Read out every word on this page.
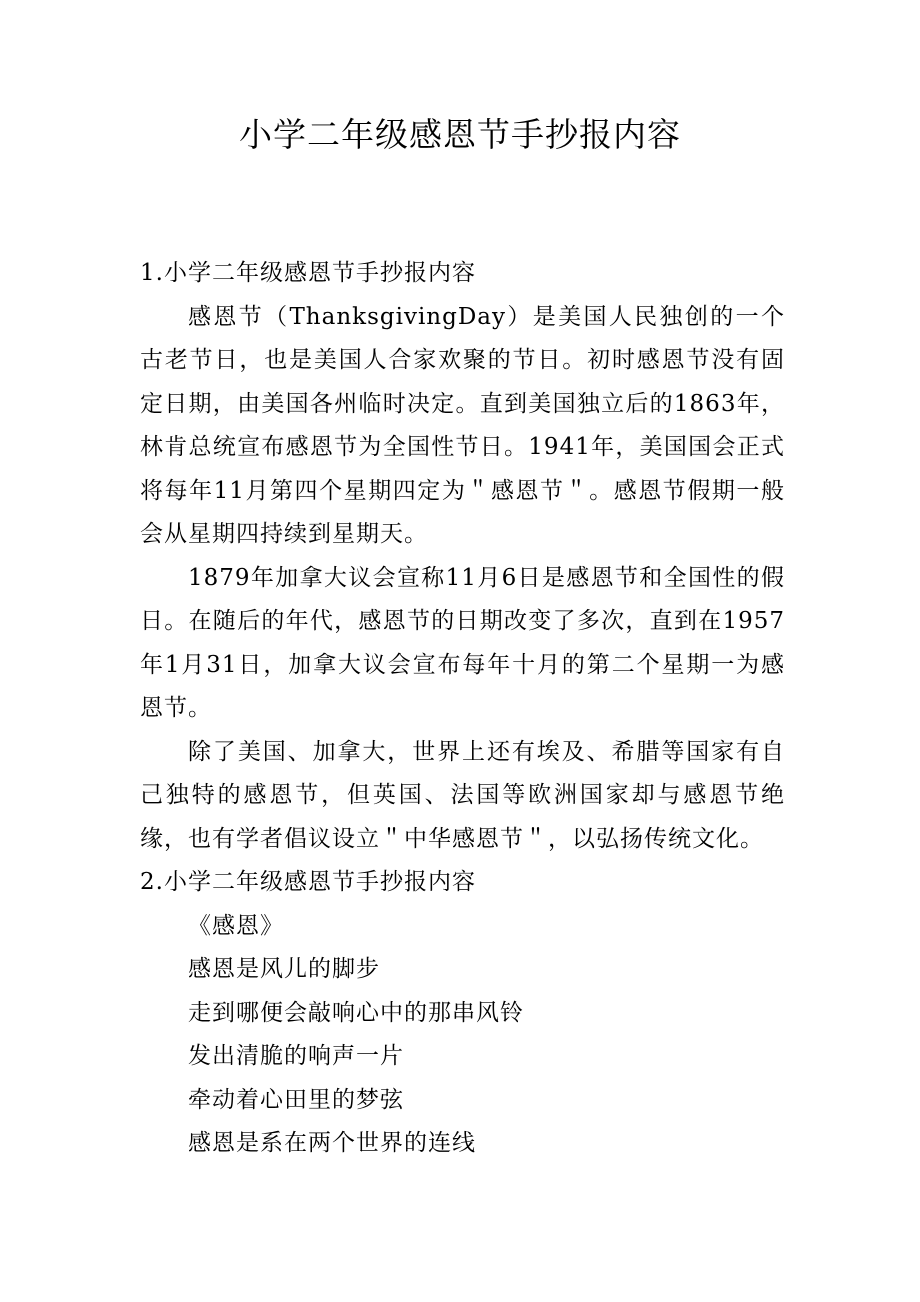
小学二年级感恩节手抄报内容

1.小学二年级感恩节手抄报内容

感恩节（ThanksgivingDay）是美国人民独创的一个古老节日，也是美国人合家欢聚的节日。初时感恩节没有固定日期，由美国各州临时决定。直到美国独立后的1863年，林肯总统宣布感恩节为全国性节日。1941年，美国国会正式将每年11月第四个星期四定为＂感恩节＂。感恩节假期一般会从星期四持续到星期天。

1879年加拿大议会宣称11月6日是感恩节和全国性的假日。在随后的年代，感恩节的日期改变了多次，直到在1957年1月31日，加拿大议会宣布每年十月的第二个星期一为感恩节。

除了美国、加拿大，世界上还有埃及、希腊等国家有自己独特的感恩节，但英国、法国等欧洲国家却与感恩节绝缘，也有学者倡议设立＂中华感恩节＂，以弘扬传统文化。

2.小学二年级感恩节手抄报内容

《感恩》

感恩是风儿的脚步

走到哪便会敲响心中的那串风铃

发出清脆的响声一片

牵动着心田里的梦弦

感恩是系在两个世界的连线
